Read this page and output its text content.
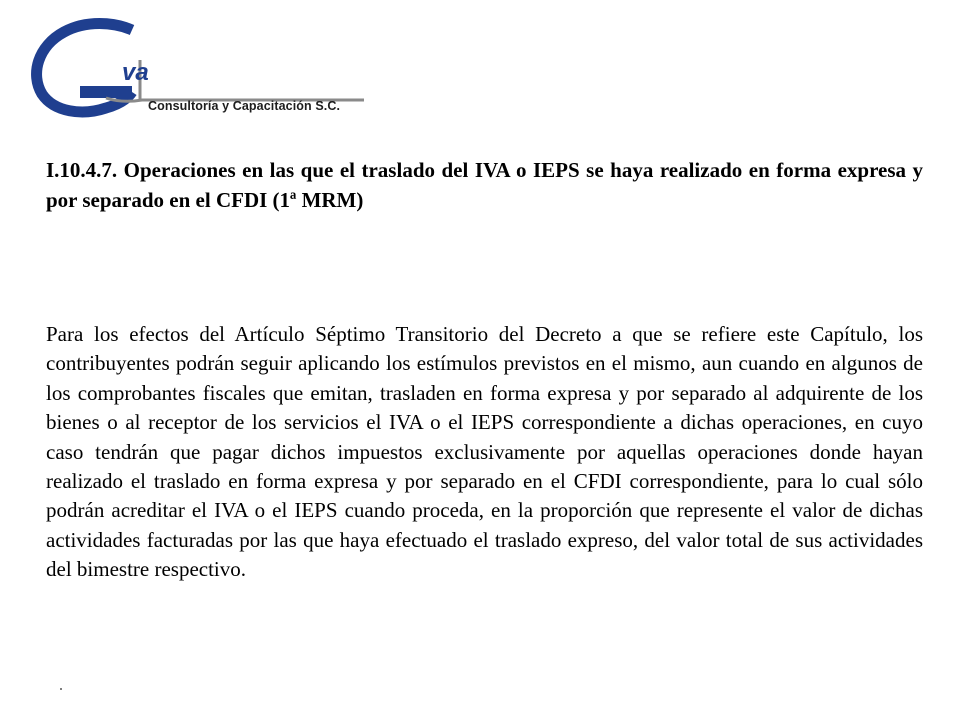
va
Consultoría y Capacitación S.C.

I.10.4.7. Operaciones en las que el traslado del IVA o IEPS se haya realizado en forma expresa y por separado en el CFDI (1ª MRM)

Para los efectos del Artículo Séptimo Transitorio del Decreto a que se refiere este Capítulo, los contribuyentes podrán seguir aplicando los estímulos previstos en el mismo, aun cuando en algunos de los comprobantes fiscales que emitan, trasladen en forma expresa y por separado al adquirente de los bienes o al receptor de los servicios el IVA o el IEPS correspondiente a dichas operaciones, en cuyo caso tendrán que pagar dichos impuestos exclusivamente por aquellas operaciones donde hayan realizado el traslado en forma expresa y por separado en el CFDI correspondiente, para lo cual sólo podrán acreditar el IVA o el IEPS cuando proceda, en la proporción que represente el valor de dichas actividades facturadas por las que haya efectuado el traslado expreso, del valor total de sus actividades del bimestre respectivo.
